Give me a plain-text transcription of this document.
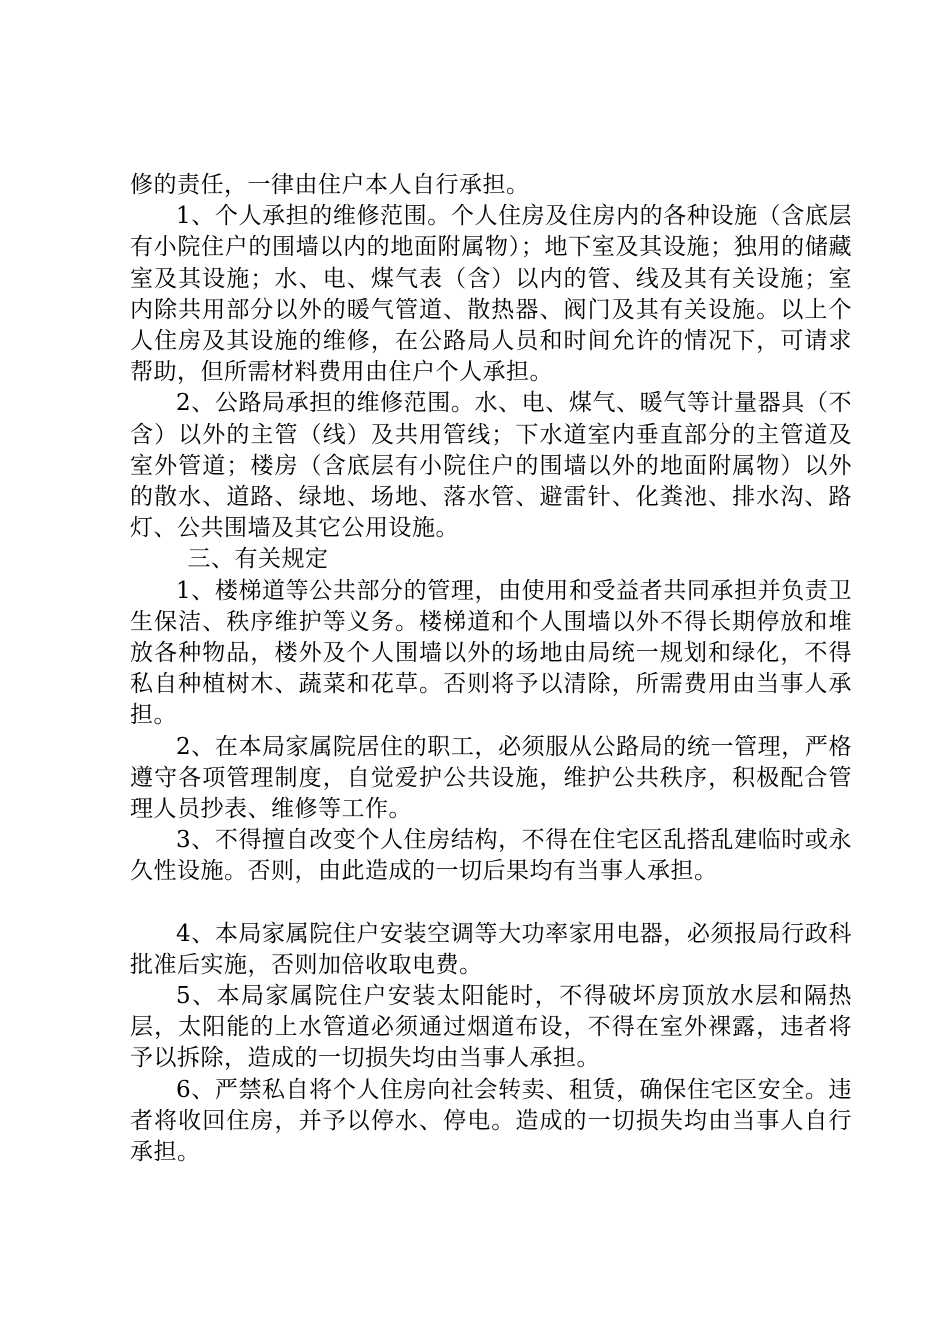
修的责任，一律由住户本人自行承担。

1、个人承担的维修范围。个人住房及住房内的各种设施（含底层有小院住户的围墙以内的地面附属物）；地下室及其设施；独用的储藏室及其设施；水、电、煤气表（含）以内的管、线及其有关设施；室内除共用部分以外的暖气管道、散热器、阀门及其有关设施。以上个人住房及其设施的维修，在公路局人员和时间允许的情况下，可请求帮助，但所需材料费用由住户个人承担。

2、公路局承担的维修范围。水、电、煤气、暖气等计量器具（不含）以外的主管（线）及共用管线；下水道室内垂直部分的主管道及室外管道；楼房（含底层有小院住户的围墙以外的地面附属物）以外的散水、道路、绿地、场地、落水管、避雷针、化粪池、排水沟、路灯、公共围墙及其它公用设施。

三、有关规定

1、楼梯道等公共部分的管理，由使用和受益者共同承担并负责卫生保洁、秩序维护等义务。楼梯道和个人围墙以外不得长期停放和堆放各种物品，楼外及个人围墙以外的场地由局统一规划和绿化，不得私自种植树木、蔬菜和花草。否则将予以清除，所需费用由当事人承担。

2、在本局家属院居住的职工，必须服从公路局的统一管理，严格遵守各项管理制度，自觉爱护公共设施，维护公共秩序，积极配合管理人员抄表、维修等工作。

3、不得擅自改变个人住房结构，不得在住宅区乱搭乱建临时或永久性设施。否则，由此造成的一切后果均有当事人承担。

4、本局家属院住户安装空调等大功率家用电器，必须报局行政科批准后实施，否则加倍收取电费。

5、本局家属院住户安装太阳能时，不得破坏房顶放水层和隔热层，太阳能的上水管道必须通过烟道布设，不得在室外裸露，违者将予以拆除，造成的一切损失均由当事人承担。

6、严禁私自将个人住房向社会转卖、租赁，确保住宅区安全。违者将收回住房，并予以停水、停电。造成的一切损失均由当事人自行承担。
